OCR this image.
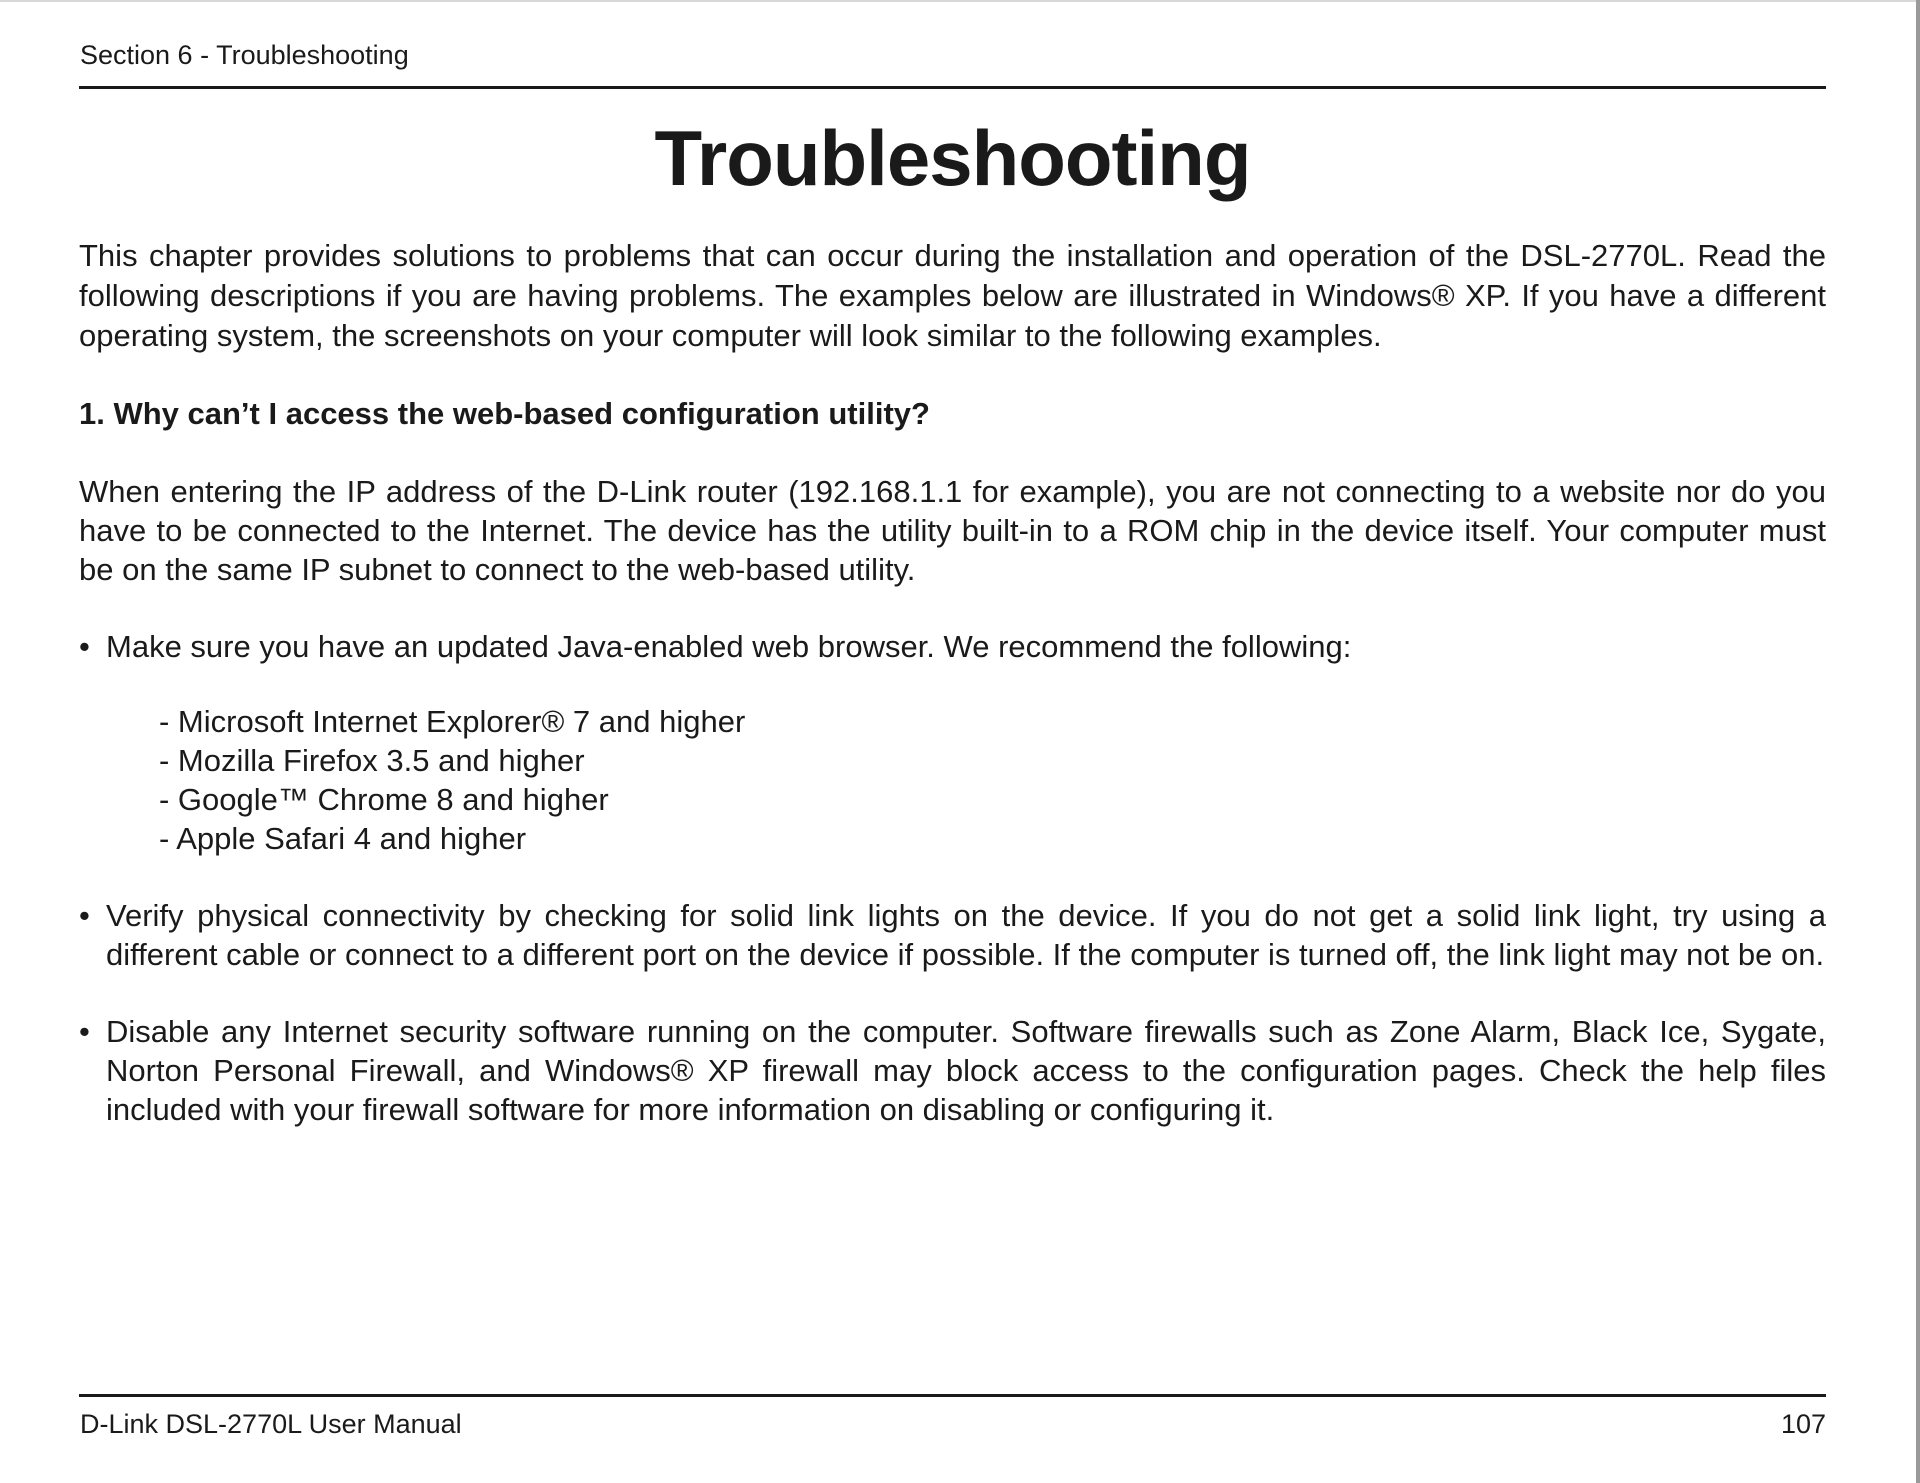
Section 6 - Troubleshooting
Troubleshooting

This chapter provides solutions to problems that can occur during the installation and operation of the DSL-2770L. Read the following descriptions if you are having problems. The examples below are illustrated in Windows® XP. If you have a different operating system, the screenshots on your computer will look similar to the following examples.

1. Why can’t I access the web-based configuration utility?

When entering the IP address of the D-Link router (192.168.1.1 for example), you are not connecting to a website nor do you have to be connected to the Internet. The device has the utility built-in to a ROM chip in the device itself. Your computer must be on the same IP subnet to connect to the web-based utility.

• Make sure you have an updated Java-enabled web browser. We recommend the following:
- Microsoft Internet Explorer® 7 and higher
- Mozilla Firefox 3.5 and higher
- Google™ Chrome 8 and higher
- Apple Safari 4 and higher
• Verify physical connectivity by checking for solid link lights on the device. If you do not get a solid link light, try using a different cable or connect to a different port on the device if possible. If the computer is turned off, the link light may not be on.
• Disable any Internet security software running on the computer. Software firewalls such as Zone Alarm, Black Ice, Sygate, Norton Personal Firewall, and Windows® XP firewall may block access to the configuration pages. Check the help files included with your firewall software for more information on disabling or configuring it.
D-Link DSL-2770L User Manual	107
